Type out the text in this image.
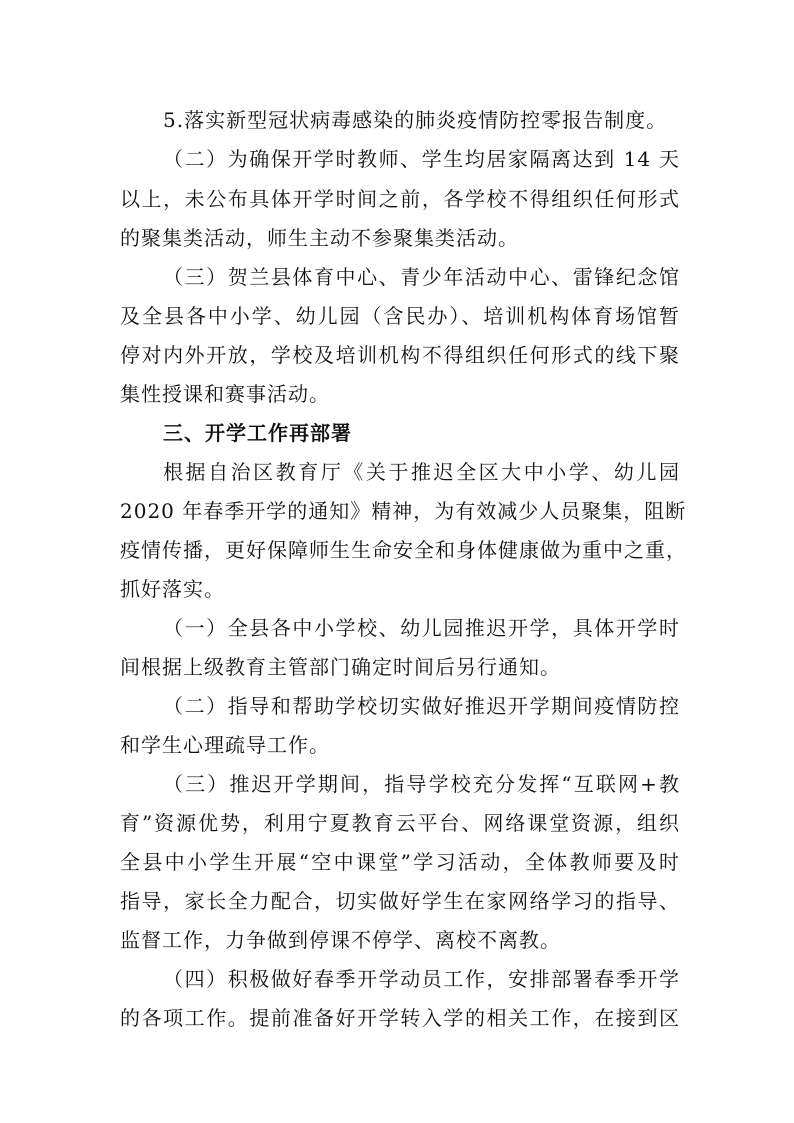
5.落实新型冠状病毒感染的肺炎疫情防控零报告制度。
（二）为确保开学时教师、学生均居家隔离达到 14 天
以上，未公布具体开学时间之前，各学校不得组织任何形式
的聚集类活动，师生主动不参聚集类活动。
（三）贺兰县体育中心、青少年活动中心、雷锋纪念馆
及全县各中小学、幼儿园（含民办）、培训机构体育场馆暂
停对内外开放，学校及培训机构不得组织任何形式的线下聚
集性授课和赛事活动。
三、开学工作再部署
根据自治区教育厅《关于推迟全区大中小学、幼儿园
2020 年春季开学的通知》精神，为有效减少人员聚集，阻断
疫情传播，更好保障师生生命安全和身体健康做为重中之重，
抓好落实。
（一）全县各中小学校、幼儿园推迟开学，具体开学时
间根据上级教育主管部门确定时间后另行通知。
（二）指导和帮助学校切实做好推迟开学期间疫情防控
和学生心理疏导工作。
（三）推迟开学期间，指导学校充分发挥“互联网+教
育”资源优势，利用宁夏教育云平台、网络课堂资源，组织
全县中小学生开展“空中课堂”学习活动，全体教师要及时
指导，家长全力配合，切实做好学生在家网络学习的指导、
监督工作，力争做到停课不停学、离校不离教。
（四）积极做好春季开学动员工作，安排部署春季开学
的各项工作。提前准备好开学转入学的相关工作，在接到区
